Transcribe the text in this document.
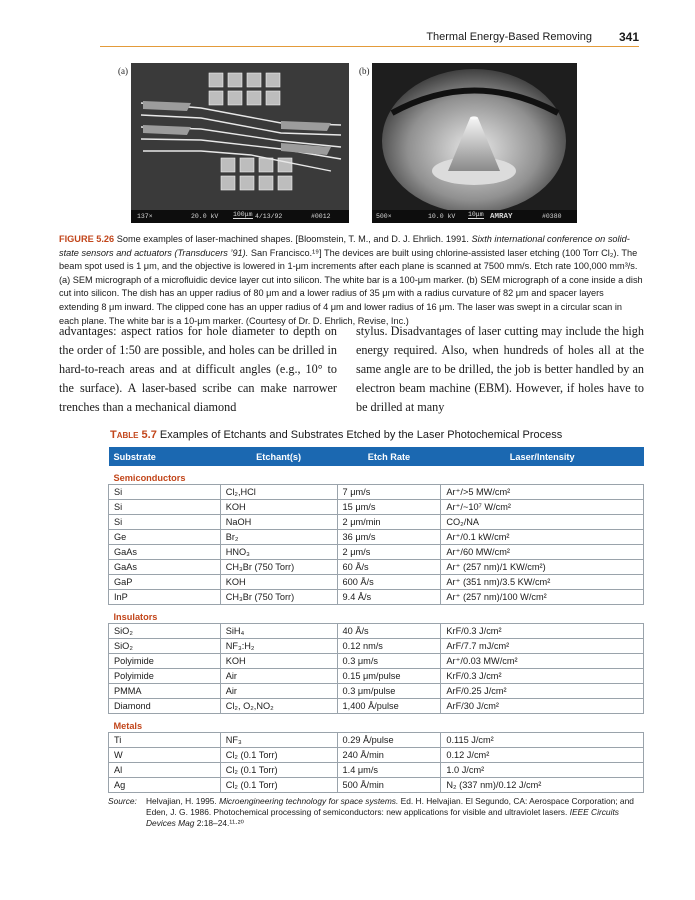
Thermal Energy-Based Removing 341
(a)
137×	20.0 kV 100μm 4/13/92	#0012
(b)
500×	10.0 kV 10μm AMRAY	#0380
FIGURE 5.26 Some examples of laser-machined shapes. [Bloomstein, T. M., and D. J. Ehrlich. 1991. Sixth international conference on solid-state sensors and actuators (Transducers ’91). San Francisco.¹⁹] The devices are built using chlorine-assisted laser etching (100 Torr Cl₂). The beam spot used is 1 μm, and the objective is lowered in 1-μm increments after each plane is scanned at 7500 mm/s. Etch rate 100,000 mm³/s. (a) SEM micrograph of a microfluidic device layer cut into silicon. The white bar is a 100-μm marker. (b) SEM micrograph of a cone inside a dish cut into silicon. The dish has an upper radius of 80 μm and a lower radius of 35 μm with a radius curvature of 82 μm and spacer layers extending 8 μm inward. The clipped cone has an upper radius of 4 μm and lower radius of 16 μm. The laser was swept in a circular scan in each plane. The white bar is a 10-μm marker. (Courtesy of Dr. D. Ehrlich, Revise, Inc.)
advantages: aspect ratios for hole diameter to depth on the order of 1:50 are possible, and holes can be drilled in hard-to-reach areas and at difficult angles (e.g., 10° to the surface). A laser-based scribe can make narrower trenches than a mechanical diamond
stylus. Disadvantages of laser cutting may include the high energy required. Also, when hundreds of holes all at the same angle are to be drilled, the job is better handled by an electron beam machine (EBM). However, if holes have to be drilled at many
Table 5.7 Examples of Etchants and Substrates Etched by the Laser Photochemical Process
Substrate	Etchant(s)	Etch Rate	Laser/Intensity
Semiconductors			
Si	Cl₂,HCl	7 μm/s	Ar⁺/>5 MW/cm²
Si	KOH	15 μm/s	Ar⁺/~10⁷ W/cm²
Si	NaOH	2 μm/min	CO₂/NA
Ge	Br₂	36 μm/s	Ar⁺/0.1 kW/cm²
GaAs	HNO₃	2 μm/s	Ar⁺/60 MW/cm²
GaAs	CH₃Br (750 Torr)	60 Å/s	Ar⁺ (257 nm)/1 KW/cm²)
GaP	KOH	600 Å/s	Ar⁺ (351 nm)/3.5 KW/cm²
InP	CH₃Br (750 Torr)	9.4 Å/s	Ar⁺ (257 nm)/100 W/cm²
Insulators			
SiO₂	SiH₄	40 Å/s	KrF/0.3 J/cm²
SiO₂	NF₃:H₂	0.12 nm/s	ArF/7.7 mJ/cm²
Polyimide	KOH	0.3 μm/s	Ar⁺/0.03 MW/cm²
Polyimide	Air	0.15 μm/pulse	KrF/0.3 J/cm²
PMMA	Air	0.3 μm/pulse	ArF/0.25 J/cm²
Diamond	Cl₂, O₂,NO₂	1,400 Å/pulse	ArF/30 J/cm²
Metals			
Ti	NF₃	0.29 Å/pulse	0.115 J/cm²
W	Cl₂ (0.1 Torr)	240 Å/min	0.12 J/cm²
Al	Cl₂ (0.1 Torr)	1.4 μm/s	1.0 J/cm²
Ag	Cl₂ (0.1 Torr)	500 Å/min	N₂ (337 nm)/0.12 J/cm²
Source: Helvajian, H. 1995. Microengineering technology for space systems. Ed. H. Helvajian. El Segundo, CA: Aerospace Corporation; and Eden, J. G. 1986. Photochemical processing of semiconductors: new applications for visible and ultraviolet lasers. IEEE Circuits Devices Mag 2:18–24.¹¹·²⁰
